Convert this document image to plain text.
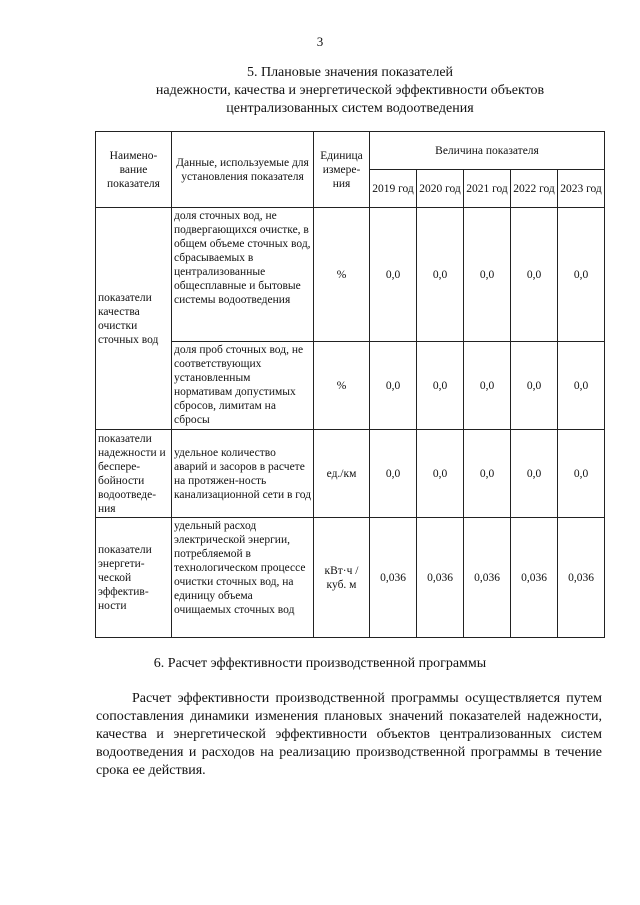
3
5. Плановые значения показателей
надежности, качества и энергетической эффективности объектов
централизованных систем водоотведения
Наимено-вание показателя	Данные, используемые для установления показателя	Единица измере-ния	Величина показателя				
			2019 год	2020 год	2021 год	2022 год	2023 год
показатели качества очистки сточных вод	доля сточных вод, не подвергающихся очистке, в общем объеме сточных вод, сбрасываемых в централизованные общесплавные и бытовые системы водоотведения	%	0,0	0,0	0,0	0,0	0,0
	доля проб сточных вод, не соответствующих установленным нормативам допустимых сбросов, лимитам на сбросы	%	0,0	0,0	0,0	0,0	0,0
показатели надежности и беспере-бойности водоотведе-ния	удельное количество аварий и засоров в расчете на протяжен-ность канализационной сети в год	ед./км	0,0	0,0	0,0	0,0	0,0
показатели энергети-ческой эффектив-ности	удельный расход электрической энергии, потребляемой в технологическом процессе очистки сточных вод, на единицу объема очищаемых сточных вод	кВт·ч / куб. м	0,036	0,036	0,036	0,036	0,036
6. Расчет эффективности производственной программы
Расчет эффективности производственной программы осуществляется путем сопоставления динамики изменения плановых значений показателей надежности, качества и энергетической эффективности объектов централизованных систем водоотведения и расходов на реализацию производственной программы в течение срока ее действия.
